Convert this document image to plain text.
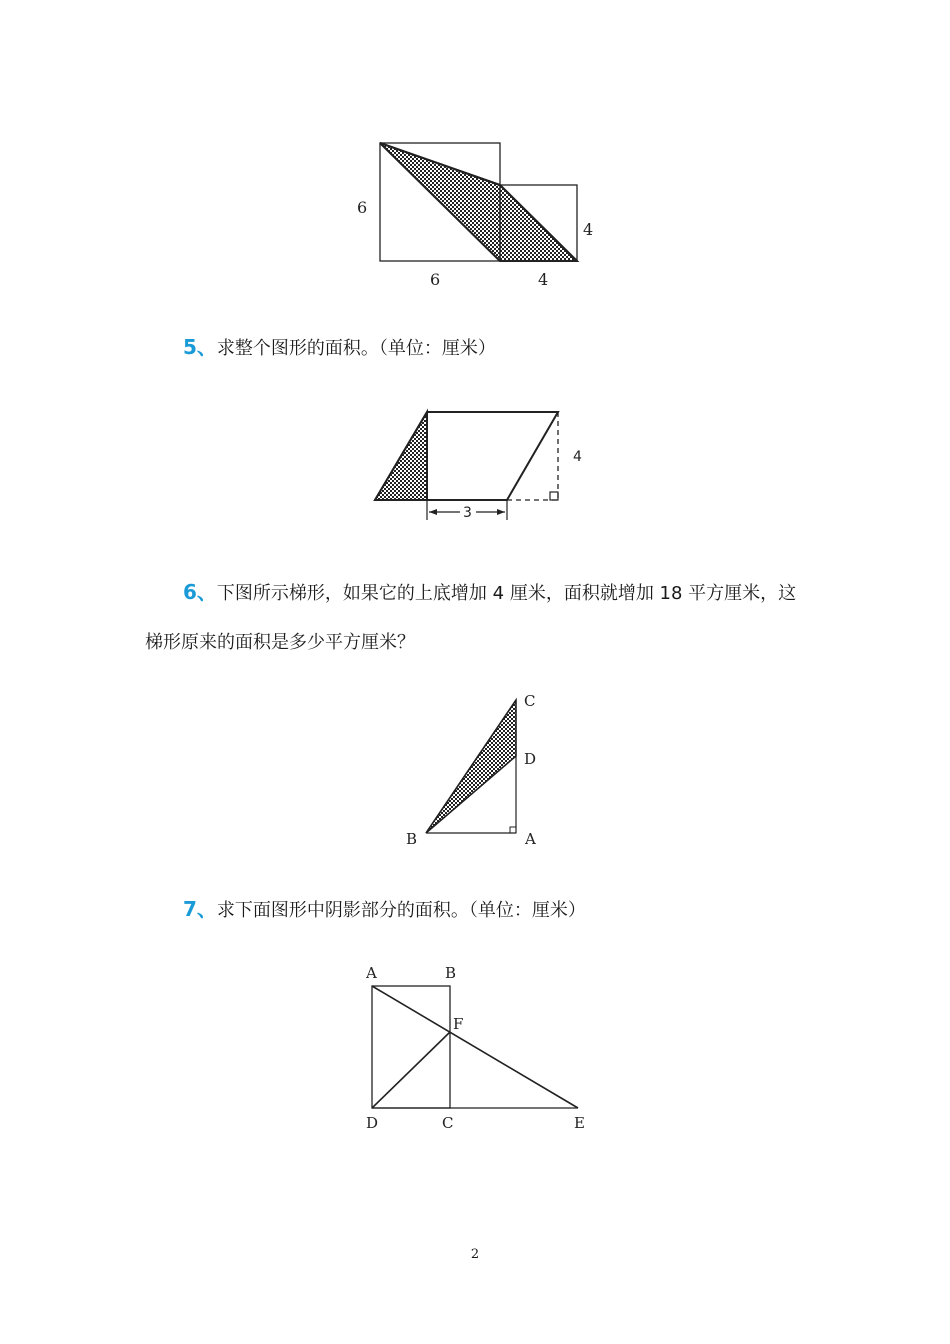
6
6	4
4
5、求整个图形的面积。（单位：厘米）
3
4
6、下图所示梯形，如果它的上底增加 4 厘米，面积就增加 18 平方厘米，这
梯形原来的面积是多少平方厘米？
C
D
B	A
7、求下面图形中阴影部分的面积。（单位：厘米）
A	B
F
D	C	E
2
